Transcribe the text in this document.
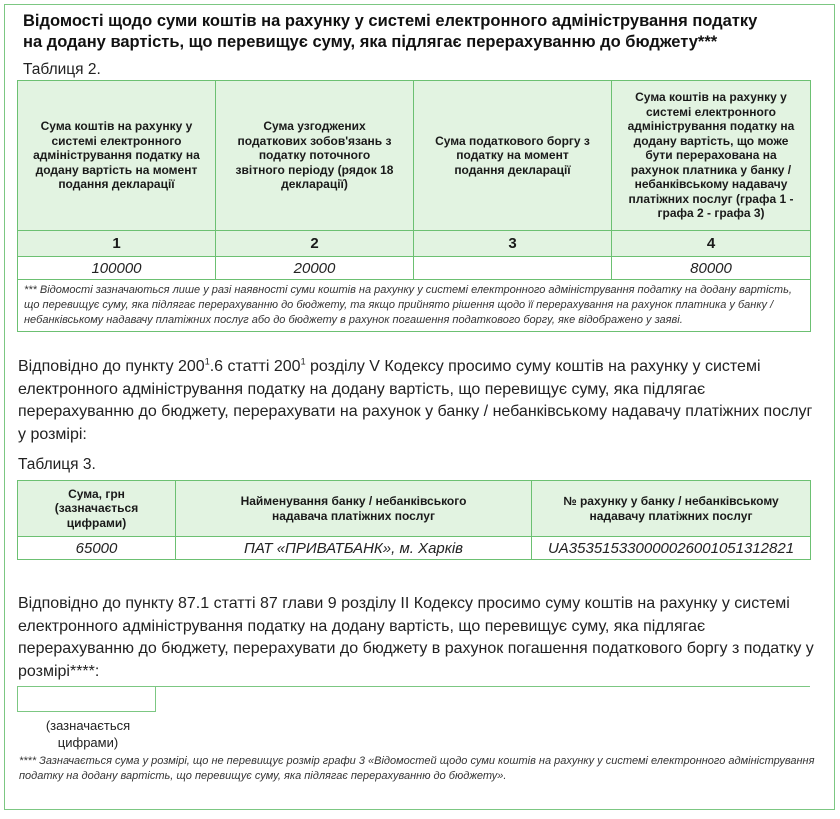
Відомості щодо суми коштів на рахунку у системі електронного адміністрування податку
на додану вартість, що перевищує суму, яка підлягає перерахуванню до бюджету***
Таблиця 2.
Сума коштів на рахунку у системі електронного адміністрування податку на додану вартість на момент подання декларації	Сума узгоджених податкових зобов'язань з податку поточного звітного періоду (рядок 18 декларації)	Сума податкового боргу з податку на момент подання декларації	Сума коштів на рахунку у системі електронного адміністрування податку на додану вартість, що може бути перерахована на рахунок платника у банку / небанківському надавачу платіжних послуг (графа 1 - графа 2 - графа 3)
1	2	3	4
100000	20000		80000
*** Відомості зазначаються лише у разі наявності суми коштів на рахунку у системі електронного адміністрування податку на додану вартість, що перевищує суму, яка підлягає перерахуванню до бюджету, та якщо прийнято рішення щодо її перерахування на рахунок платника у банку / небанківському надавачу платіжних послуг або до бюджету в рахунок погашення податкового боргу, яке відображено у заяві.			
Відповідно до пункту $200^1.6$ статті $200^1$ розділу V Кодексу просимо суму коштів на рахунку у системі електронного адміністрування податку на додану вартість, що перевищує суму, яка підлягає перерахуванню до бюджету, перерахувати на рахунок у банку / небанківському надавачу платіжних послуг у розмірі:
Таблиця 3.
Сума, грн (зазначається цифрами)	Найменування банку / небанківського надавача платіжних послуг	№ рахунку у банку / небанківському надавачу платіжних послуг
65000	ПАТ «ПРИВАТБАНК», м. Харків	UA353515330000026001051312821
Відповідно до пункту 87.1 статті 87 глави 9 розділу II Кодексу просимо суму коштів на рахунку у системі електронного адміністрування податку на додану вартість, що перевищує суму, яка підлягає перерахуванню до бюджету, перерахувати до бюджету в рахунок погашення податкового боргу з податку у розмірі****:
(зазначається цифрами)
**** Зазначається сума у розмірі, що не перевищує розмір графи 3 «Відомостей щодо суми коштів на рахунку у системі електронного адміністрування податку на додану вартість, що перевищує суму, яка підлягає перерахуванню до бюджету».
